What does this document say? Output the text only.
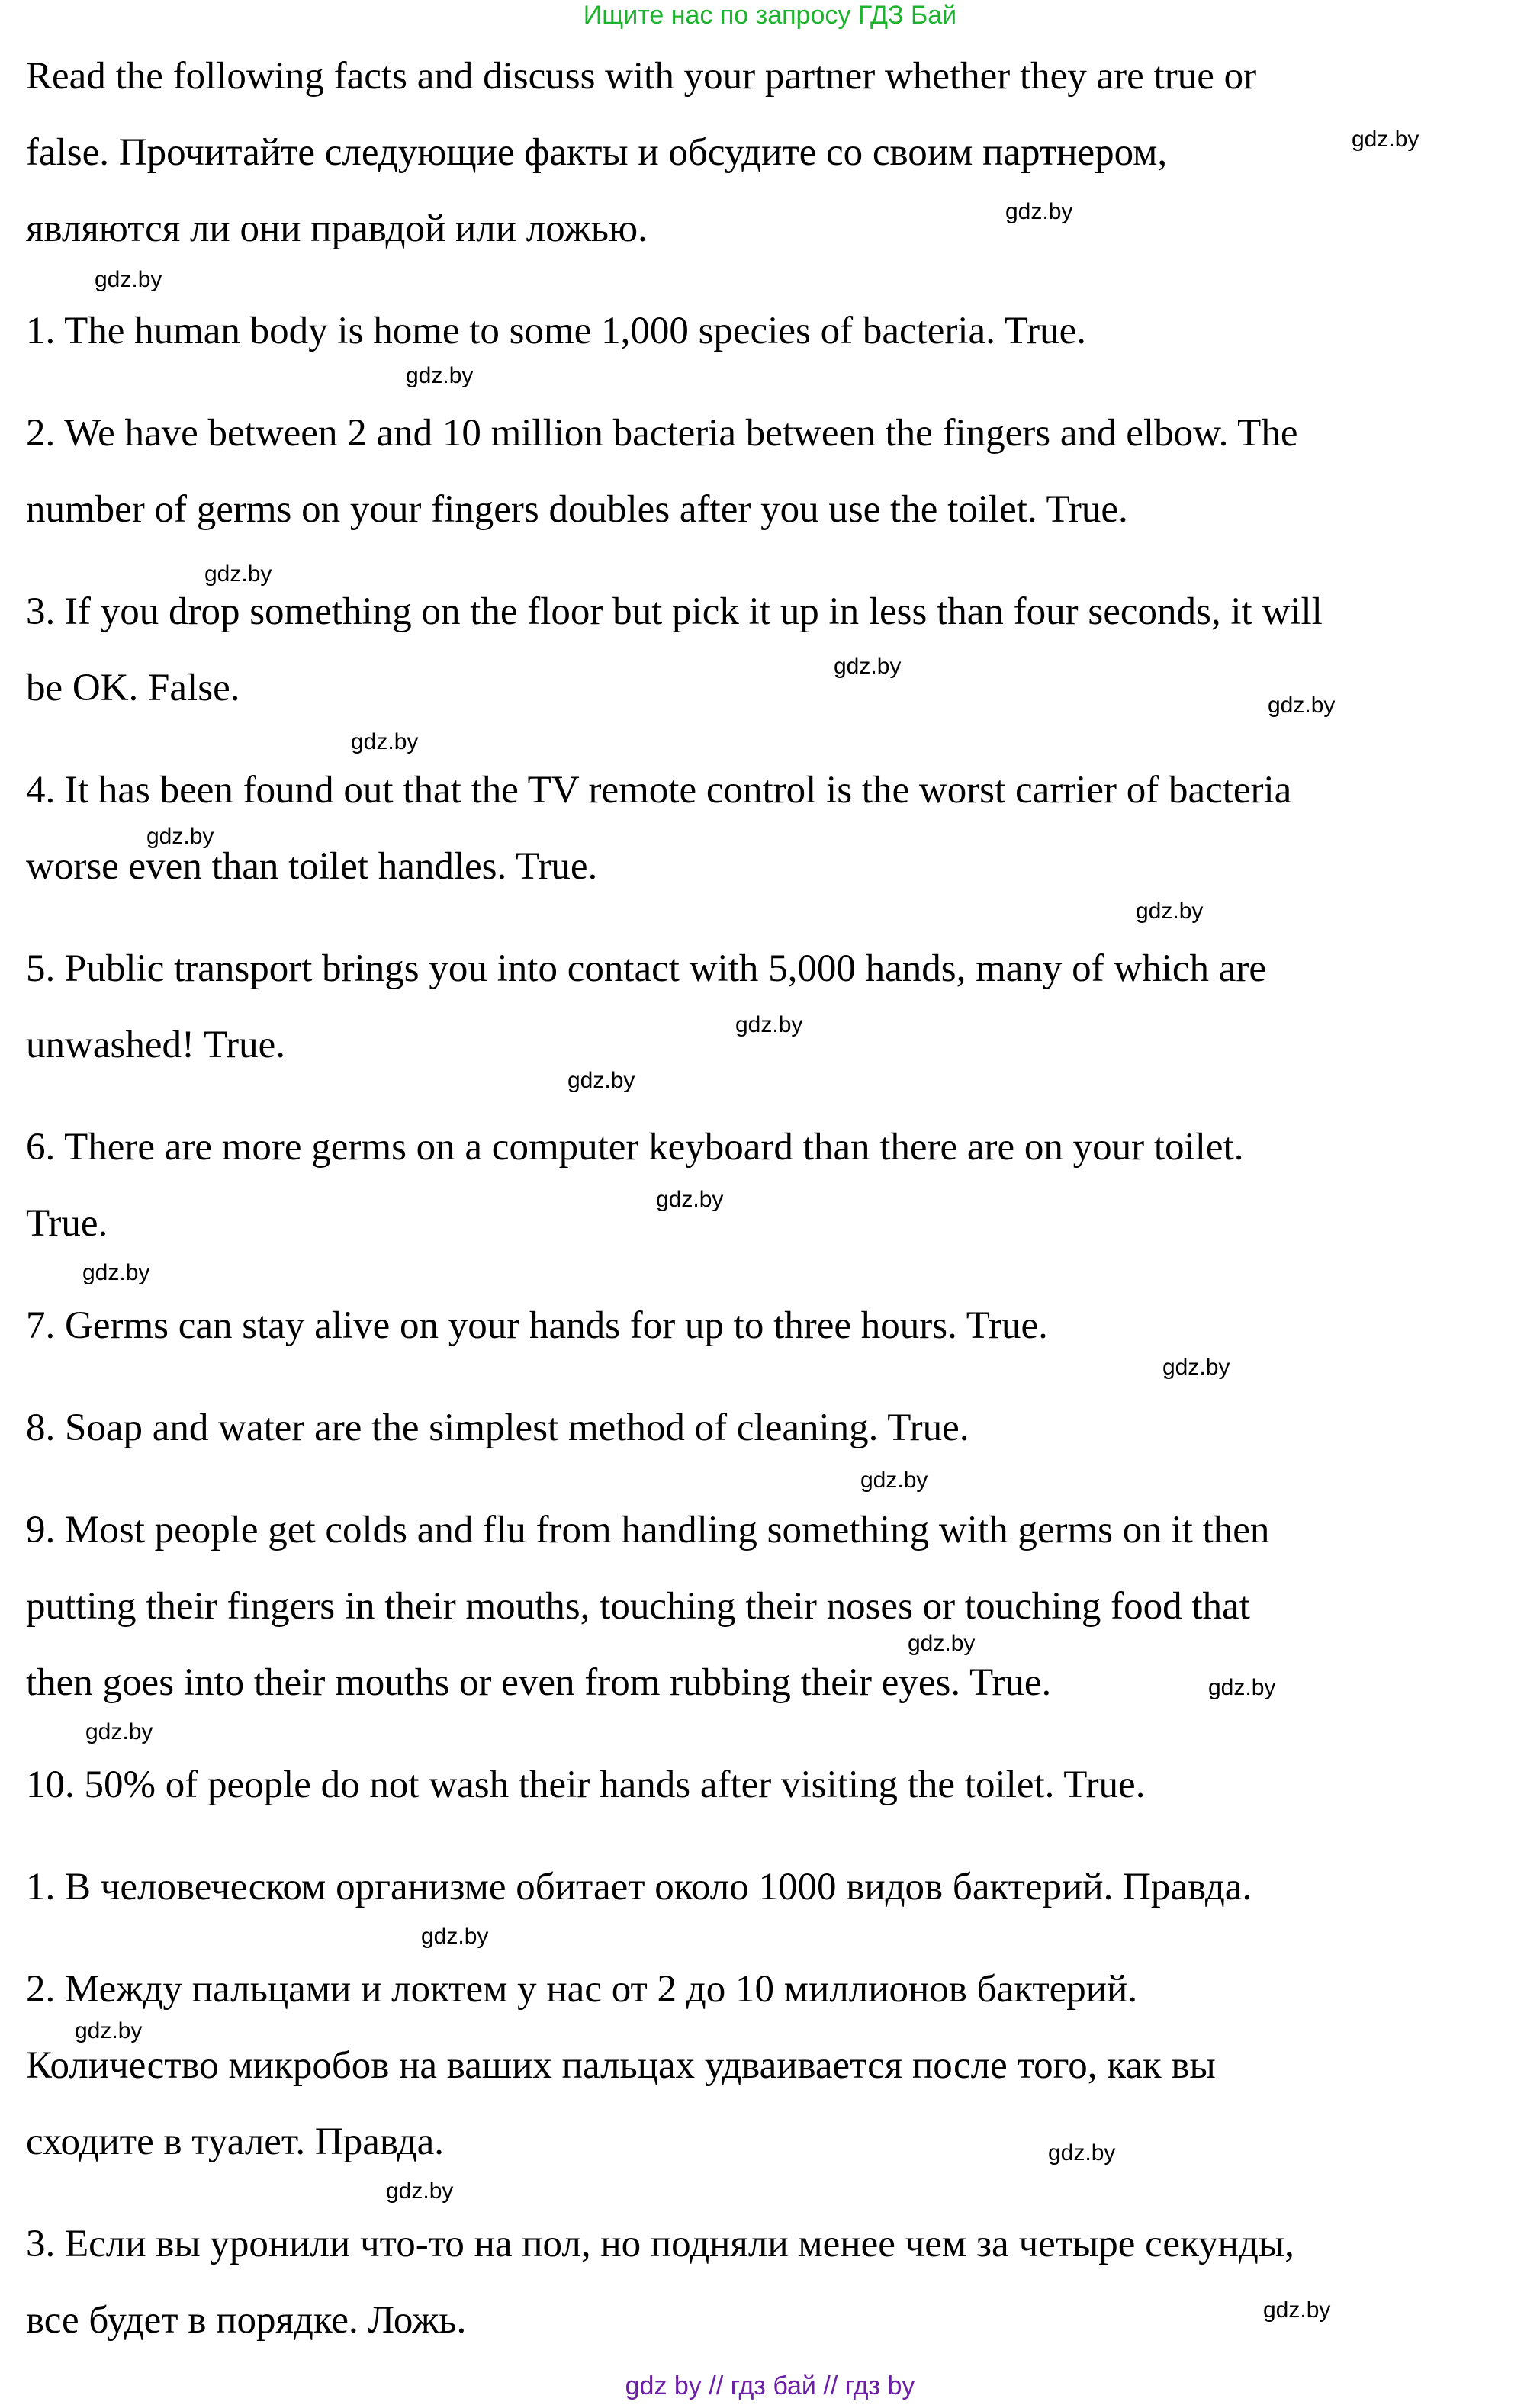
Ищите нас по запросу ГДЗ Бай
Read the following facts and discuss with your partner whether they are true or
false. Прочитайте следующие факты и обсудите со своим партнером,
являются ли они правдой или ложью.
1. The human body is home to some 1,000 species of bacteria. True.
2. We have between 2 and 10 million bacteria between the fingers and elbow. The
number of germs on your fingers doubles after you use the toilet. True.
3. If you drop something on the floor but pick it up in less than four seconds, it will
be OK. False.
4. It has been found out that the TV remote control is the worst carrier of bacteria
worse even than toilet handles. True.
5. Public transport brings you into contact with 5,000 hands, many of which are
unwashed! True.
6. There are more germs on a computer keyboard than there are on your toilet.
True.
7. Germs can stay alive on your hands for up to three hours. True.
8. Soap and water are the simplest method of cleaning. True.
9. Most people get colds and flu from handling something with germs on it then
putting their fingers in their mouths, touching their noses or touching food that
then goes into their mouths or even from rubbing their eyes. True.
10. 50% of people do not wash their hands after visiting the toilet. True.
1. В человеческом организме обитает около 1000 видов бактерий. Правда.
2. Между пальцами и локтем у нас от 2 до 10 миллионов бактерий.
Количество микробов на ваших пальцах удваивается после того, как вы
сходите в туалет. Правда.
3. Если вы уронили что-то на пол, но подняли менее чем за четыре секунды,
все будет в порядке. Ложь.
gdz.by
gdz.by
gdz.by
gdz.by
gdz.by
gdz.by
gdz.by
gdz.by
gdz.by
gdz.by
gdz.by
gdz.by
gdz.by
gdz.by
gdz.by
gdz.by
gdz.by
gdz.by
gdz.by
gdz.by
gdz.by
gdz.by
gdz.by
gdz.by
gdz by // гдз бай // гдз by
